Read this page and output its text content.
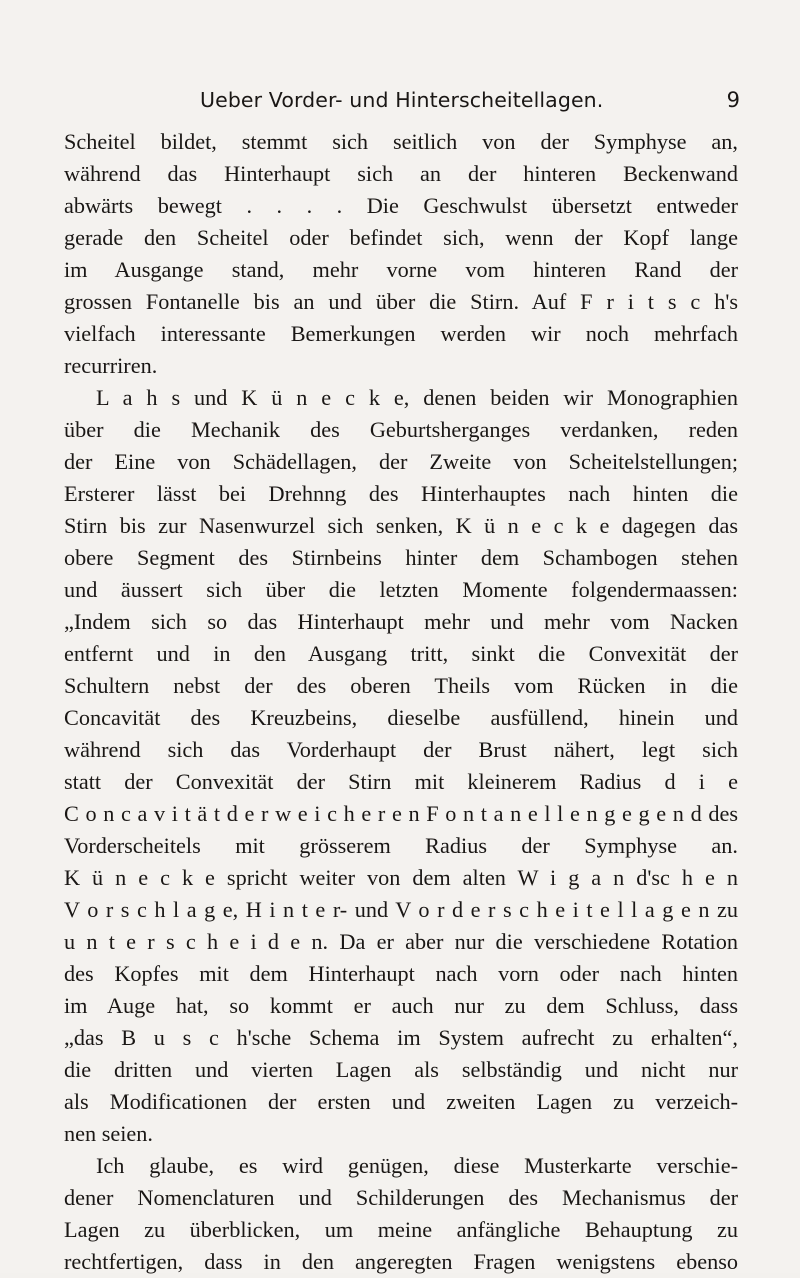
Ueber Vorder- und Hinterscheitellagen.	9
Scheitel bildet, stemmt sich seitlich von der Symphyse an,
während das Hinterhaupt sich an der hinteren Beckenwand
abwärts bewegt . . . . Die Geschwulst übersetzt entweder
gerade den Scheitel oder befindet sich, wenn der Kopf lange
im Ausgange stand, mehr vorne vom hinteren Rand der
grossen Fontanelle bis an und über die Stirn. Auf F r i t s c h's
vielfach interessante Bemerkungen werden wir noch mehrfach
recurriren.
L a h s und K ü n e c k e, denen beiden wir Monographien
über die Mechanik des Geburtsherganges verdanken, reden
der Eine von Schädellagen, der Zweite von Scheitelstellungen;
Ersterer lässt bei Drehnng des Hinterhauptes nach hinten die
Stirn bis zur Nasenwurzel sich senken, K ü n e c k e dagegen das
obere Segment des Stirnbeins hinter dem Schambogen stehen
und äussert sich über die letzten Momente folgendermaassen:
„Indem sich so das Hinterhaupt mehr und mehr vom Nacken
entfernt und in den Ausgang tritt, sinkt die Convexität der
Schultern nebst der des oberen Theils vom Rücken in die
Concavität des Kreuzbeins, dieselbe ausfüllend, hinein und
während sich das Vorderhaupt der Brust nähert, legt sich
statt der Convexität der Stirn mit kleinerem Radius d i e
C o n c a v i t ä t d e r w e i c h e r e n F o n t a n e l l e n g e g e n d des
Vorderscheitels mit grösserem Radius der Symphyse an.
K ü n e c k e spricht weiter von dem alten W i g a n d'sc h e n
V o r s c h l a g e, H i n t e r- und V o r d e r s c h e i t e l l a g e n zu
u n t e r s c h e i d e n. Da er aber nur die verschiedene Rotation
des Kopfes mit dem Hinterhaupt nach vorn oder nach hinten
im Auge hat, so kommt er auch nur zu dem Schluss, dass
„das B u s c h'sche Schema im System aufrecht zu erhalten“,
die dritten und vierten Lagen als selbständig und nicht nur
als Modificationen der ersten und zweiten Lagen zu verzeich-
nen seien.
Ich glaube, es wird genügen, diese Musterkarte verschie-
dener Nomenclaturen und Schilderungen des Mechanismus der
Lagen zu überblicken, um meine anfängliche Behauptung zu
rechtfertigen, dass in den angeregten Fragen wenigstens ebenso
